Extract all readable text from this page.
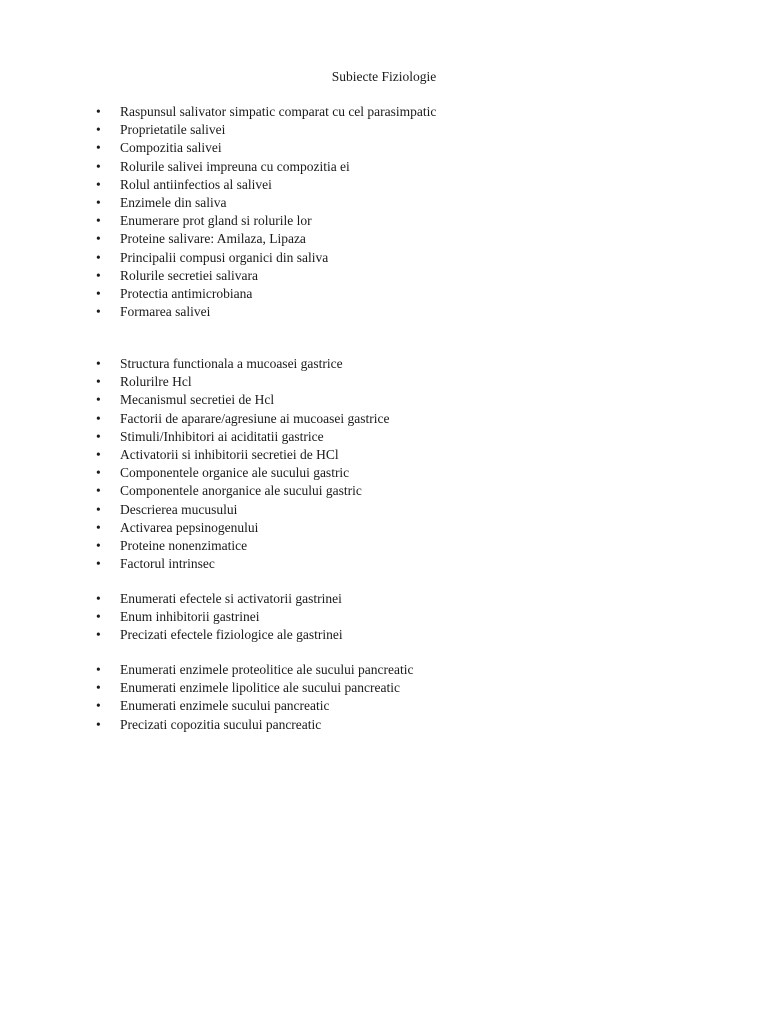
Subiecte Fiziologie
• Raspunsul salivator simpatic comparat cu cel parasimpatic
• Proprietatile salivei
• Compozitia salivei
• Rolurile salivei impreuna cu compozitia ei
• Rolul antiinfectios al salivei
• Enzimele din saliva
• Enumerare prot gland si rolurile lor
• Proteine salivare: Amilaza, Lipaza
• Principalii compusi organici din saliva
• Rolurile secretiei salivara
• Protectia antimicrobiana
• Formarea salivei
• Structura functionala a mucoasei gastrice
• Rolurilre Hcl
• Mecanismul secretiei de Hcl
• Factorii de aparare/agresiune ai mucoasei gastrice
• Stimuli/Inhibitori ai aciditatii gastrice
• Activatorii si inhibitorii secretiei de HCl
• Componentele organice ale sucului gastric
• Componentele anorganice ale sucului gastric
• Descrierea mucusului
• Activarea pepsinogenului
• Proteine nonenzimatice
• Factorul intrinsec
• Enumerati efectele si activatorii gastrinei
• Enum inhibitorii gastrinei
• Precizati efectele fiziologice ale gastrinei
• Enumerati enzimele proteolitice ale sucului pancreatic
• Enumerati enzimele lipolitice ale sucului pancreatic
• Enumerati enzimele sucului pancreatic
• Precizati copozitia sucului pancreatic
